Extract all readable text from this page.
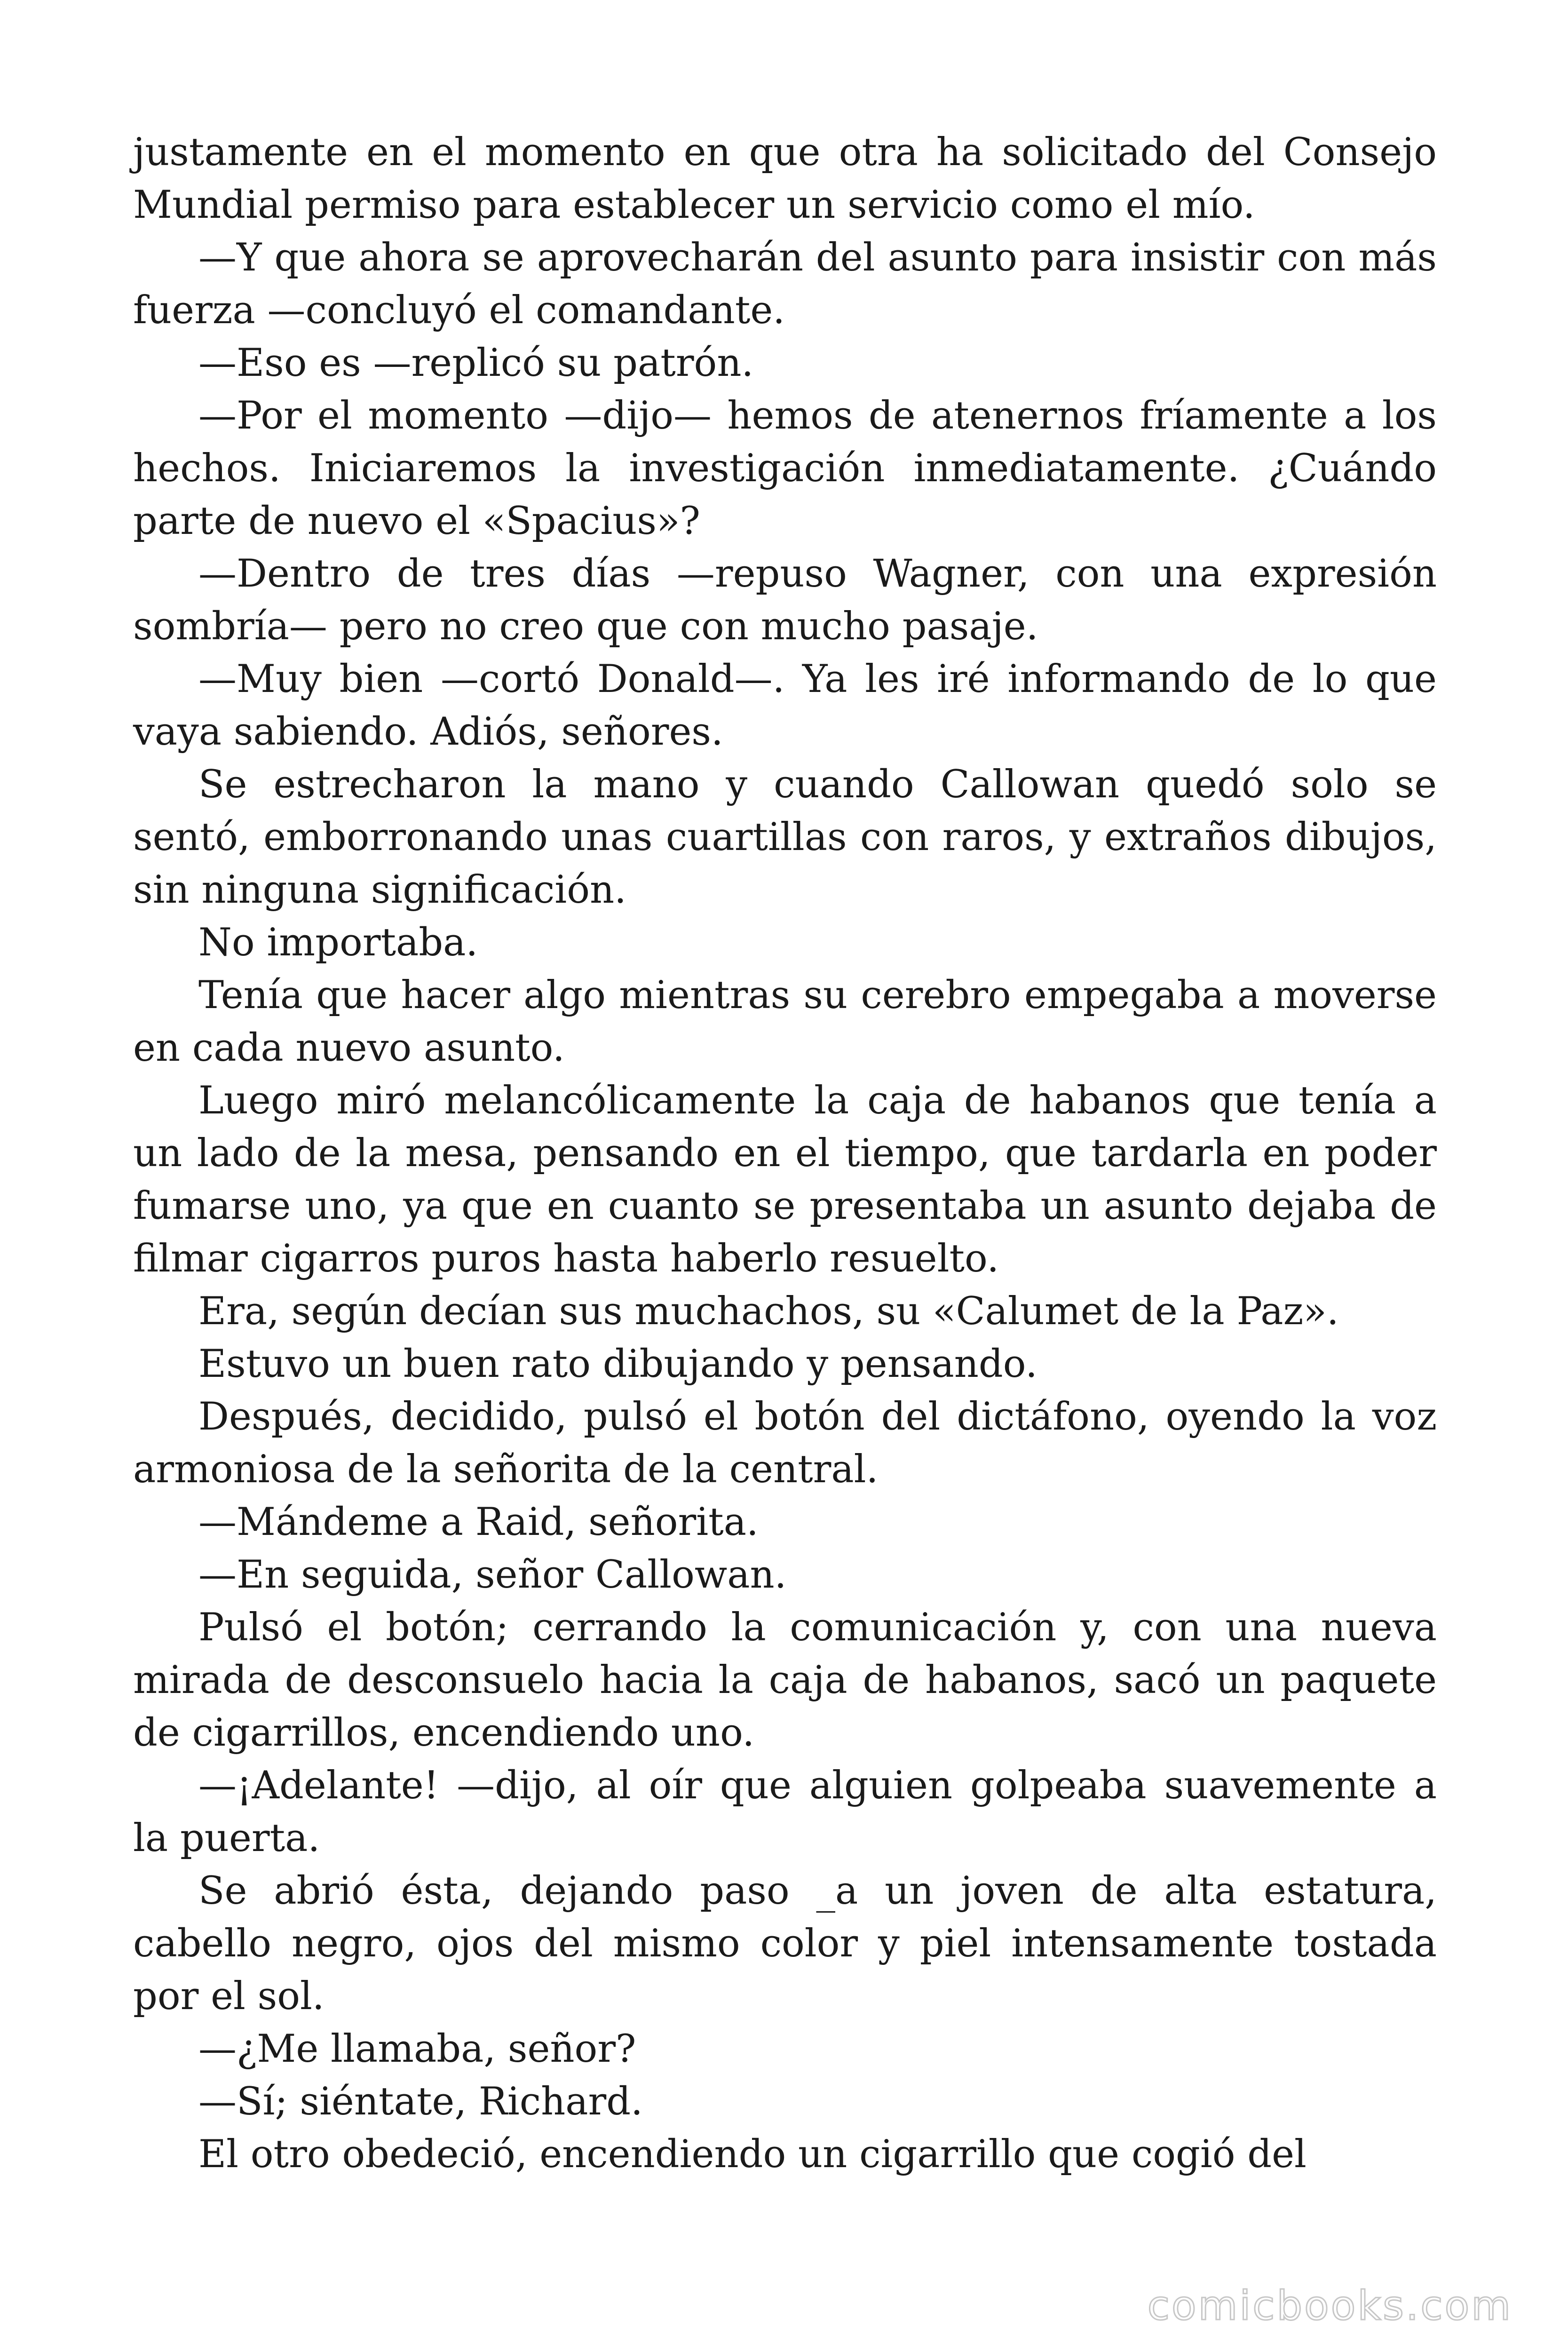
justamente en el momento en que otra ha solicitado del Consejo Mundial permiso para establecer un servicio como el mío.

—Y que ahora se aprovecharán del asunto para insistir con más fuerza —concluyó el comandante.

—Eso es —replicó su patrón.

—Por el momento —dijo— hemos de atenernos fríamente a los hechos. Iniciaremos la investigación inmediatamente. ¿Cuándo parte de nuevo el «Spacius»?

—Dentro de tres días —repuso Wagner, con una expresión sombría— pero no creo que con mucho pasaje.

—Muy bien —cortó Donald—. Ya les iré informando de lo que vaya sabiendo. Adiós, señores.

Se estrecharon la mano y cuando Callowan quedó solo se sentó, emborronando unas cuartillas con raros, y extraños dibujos, sin ninguna significación.

No importaba.

Tenía que hacer algo mientras su cerebro empegaba a moverse en cada nuevo asunto.

Luego miró melancólicamente la caja de habanos que tenía a un lado de la mesa, pensando en el tiempo, que tardarla en poder fumarse uno, ya que en cuanto se presentaba un asunto dejaba de filmar cigarros puros hasta haberlo resuelto.

Era, según decían sus muchachos, su «Calumet de la Paz».

Estuvo un buen rato dibujando y pensando.

Después, decidido, pulsó el botón del dictáfono, oyendo la voz armoniosa de la señorita de la central.

—Mándeme a Raid, señorita.

—En seguida, señor Callowan.

Pulsó el botón; cerrando la comunicación y, con una nueva mirada de desconsuelo hacia la caja de habanos, sacó un paquete de cigarrillos, encendiendo uno.

—¡Adelante! —dijo, al oír que alguien golpeaba suavemente a la puerta.

Se abrió ésta, dejando paso _a un joven de alta estatura, cabello negro, ojos del mismo color y piel intensamente tostada por el sol.

—¿Me llamaba, señor?

—Sí; siéntate, Richard.

El otro obedeció, encendiendo un cigarrillo que cogió del

comicbooks.com
